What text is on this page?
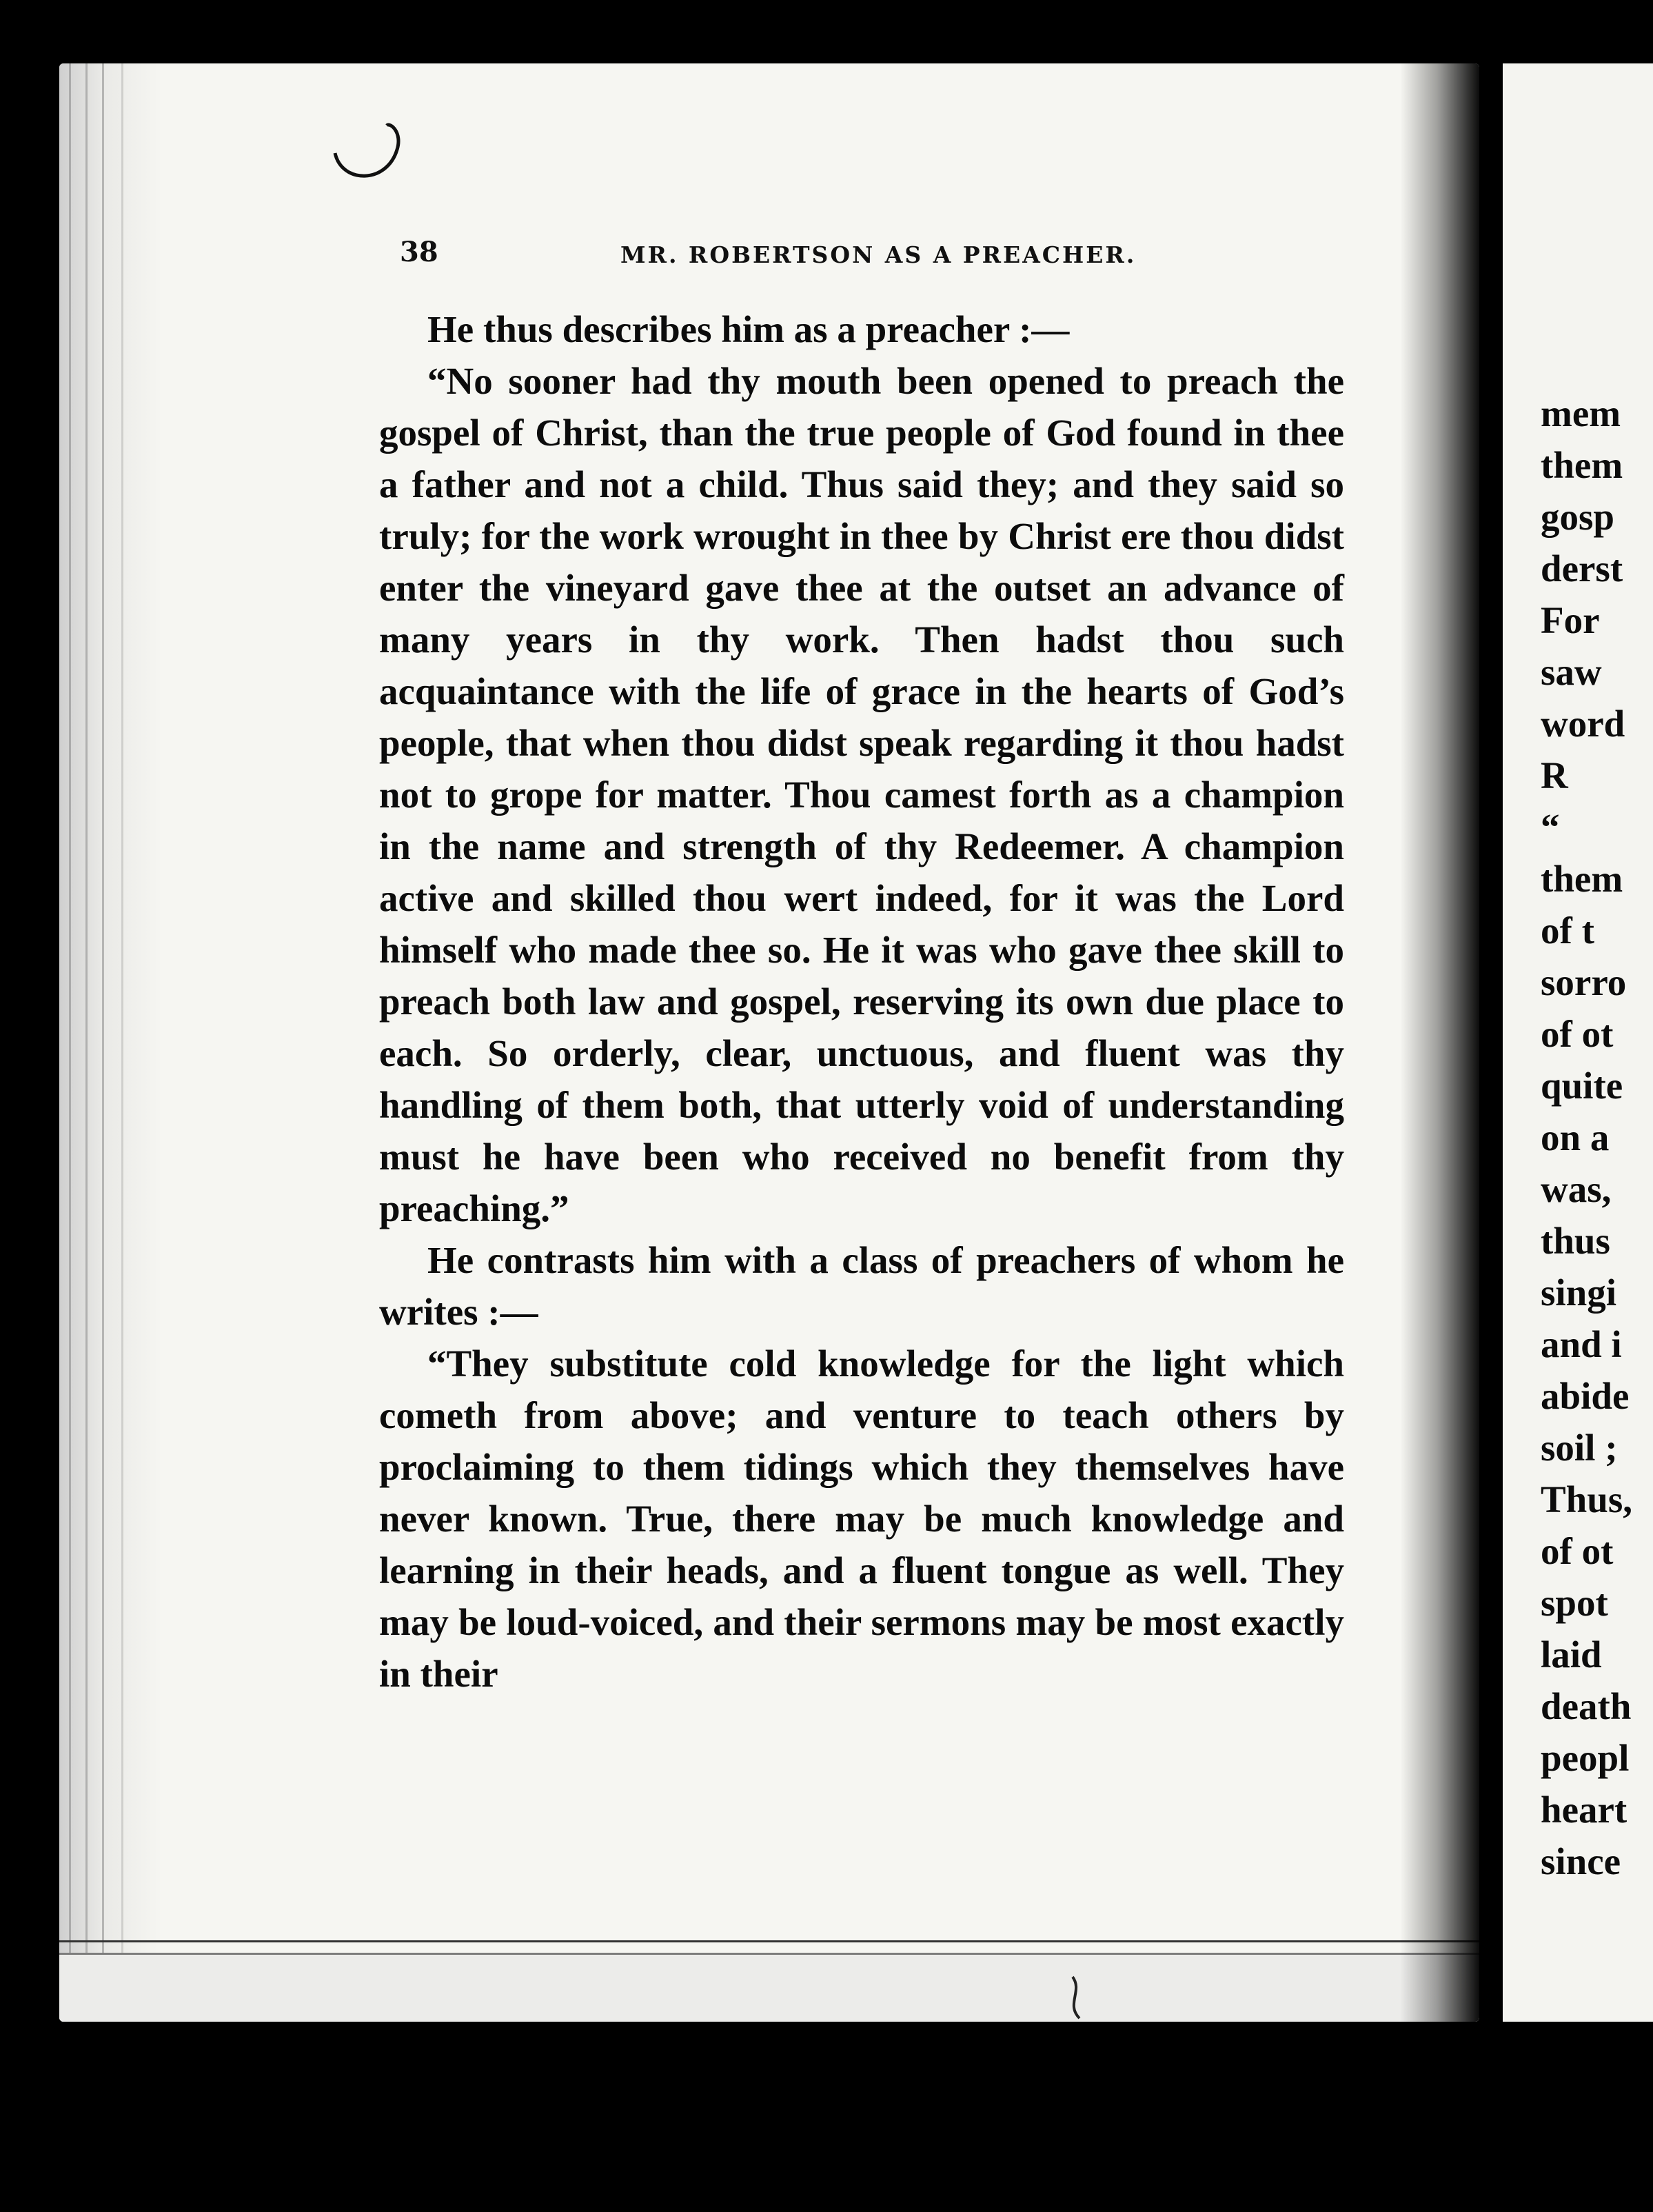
38	MR. ROBERTSON AS A PREACHER.

He thus describes him as a preacher :—

“No sooner had thy mouth been opened to preach the gospel of Christ, than the true people of God found in thee a father and not a child. Thus said they; and they said so truly; for the work wrought in thee by Christ ere thou didst enter the vineyard gave thee at the outset an advance of many years in thy work. Then hadst thou such acquaintance with the life of grace in the hearts of God’s people, that when thou didst speak regarding it thou hadst not to grope for matter. Thou camest forth as a champion in the name and strength of thy Redeemer. A champion active and skilled thou wert indeed, for it was the Lord himself who made thee so. He it was who gave thee skill to preach both law and gospel, reserving its own due place to each. So orderly, clear, unctuous, and fluent was thy handling of them both, that utterly void of understanding must he have been who received no benefit from thy preaching.”

He contrasts him with a class of preachers of whom he writes :—

“They substitute cold knowledge for the light which cometh from above; and venture to teach others by proclaiming to them tidings which they themselves have never known. True, there may be much knowledge and learning in their heads, and a fluent tongue as well. They may be loud-voiced, and their sermons may be most exactly in their

mem
them
gosp
derst
For
saw
word
R
“
them
of t
sorro
of ot
quite
on a
was,
thus
singi
and i
abide
soil ;
Thus,
of ot
spot
laid
death
peopl
heart
since
